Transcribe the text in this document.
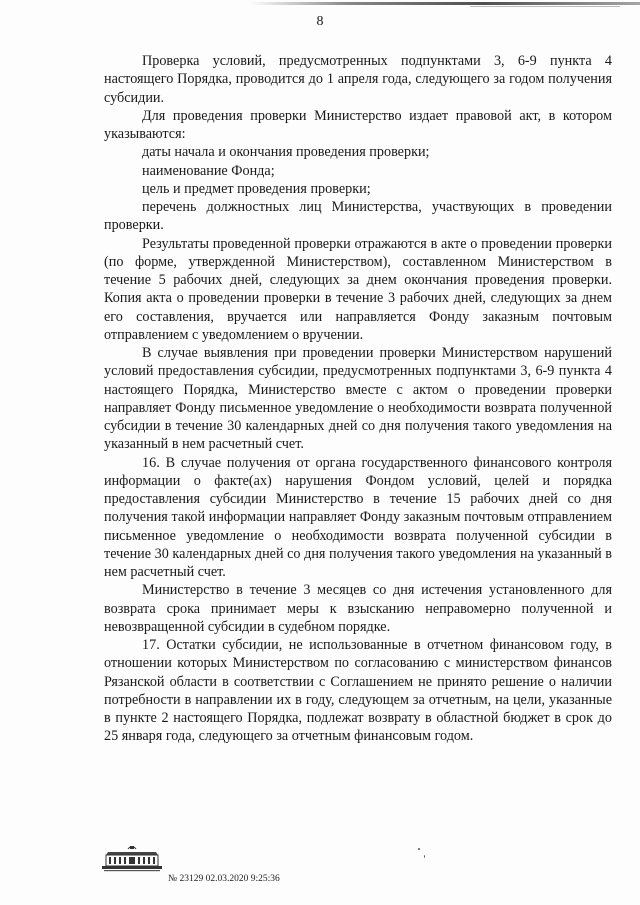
8

Проверка условий, предусмотренных подпунктами 3, 6-9 пункта 4 настоящего Порядка, проводится до 1 апреля года, следующего за годом получения субсидии.

Для проведения проверки Министерство издает правовой акт, в котором указываются:

даты начала и окончания проведения проверки;

наименование Фонда;

цель и предмет проведения проверки;

перечень должностных лиц Министерства, участвующих в проведении проверки.

Результаты проведенной проверки отражаются в акте о проведении проверки (по форме, утвержденной Министерством), составленном Министерством в течение 5 рабочих дней, следующих за днем окончания проведения проверки. Копия акта о проведении проверки в течение 3 рабочих дней, следующих за днем его составления, вручается или направляется Фонду заказным почтовым отправлением с уведомлением о вручении.

В случае выявления при проведении проверки Министерством нарушений условий предоставления субсидии, предусмотренных подпунктами 3, 6-9 пункта 4 настоящего Порядка, Министерство вместе с актом о проведении проверки направляет Фонду письменное уведомление о необходимости возврата полученной субсидии в течение 30 календарных дней со дня получения такого уведомления на указанный в нем расчетный счет.

16. В случае получения от органа государственного финансового контроля информации о факте(ах) нарушения Фондом условий, целей и порядка предоставления субсидии Министерство в течение 15 рабочих дней со дня получения такой информации направляет Фонду заказным почтовым отправлением письменное уведомление о необходимости возврата полученной субсидии в течение 30 календарных дней со дня получения такого уведомления на указанный в нем расчетный счет.

Министерство в течение 3 месяцев со дня истечения установленного для возврата срока принимает меры к взысканию неправомерно полученной и невозвращенной субсидии в судебном порядке.

17. Остатки субсидии, не использованные в отчетном финансовом году, в отношении которых Министерством по согласованию с министерством финансов Рязанской области в соответствии с Соглашением не принято решение о наличии потребности в направлении их в году, следующем за отчетным, на цели, указанные в пункте 2 настоящего Порядка, подлежат возврату в областной бюджет в срок до 25 января года, следующего за отчетным финансовым годом.

№ 23129 02.03.2020 9:25:36
